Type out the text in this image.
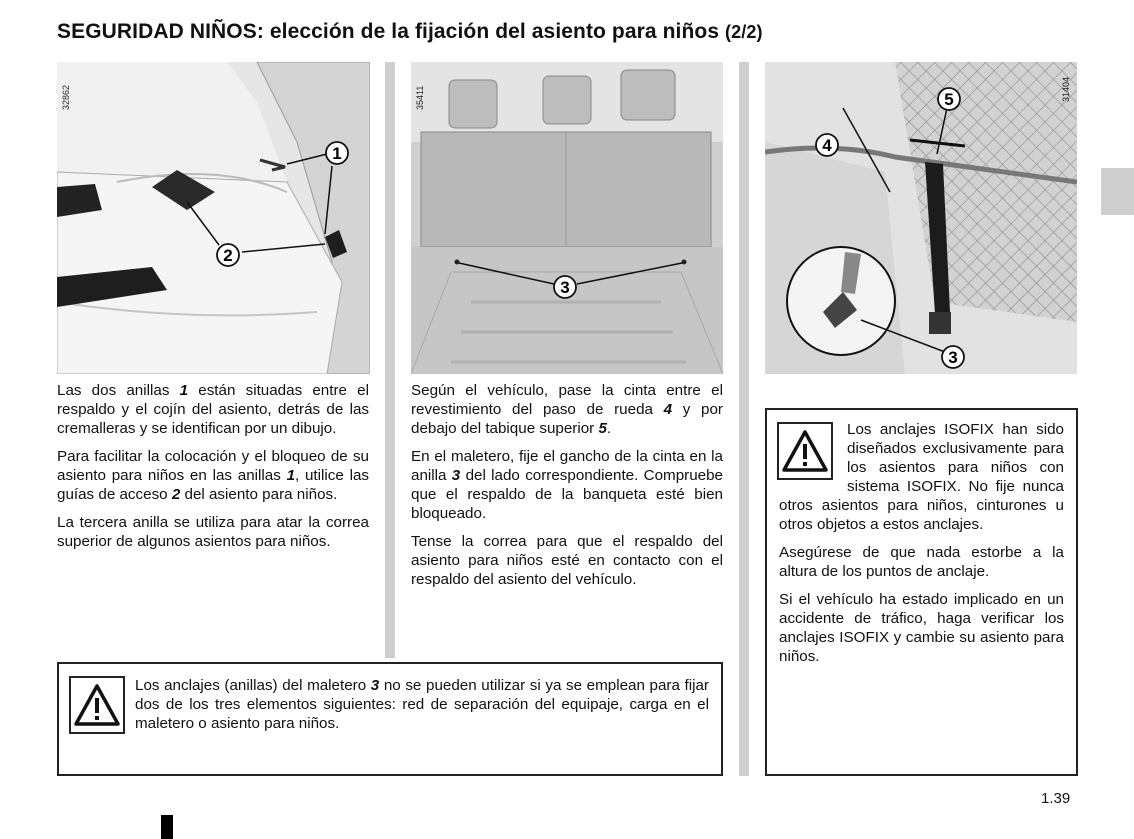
SEGURIDAD NIÑOS: elección de la fijación del asiento para niños (2/2)
1
2
32862
3
35411	5
4
3
31404

Las dos anillas 1 están situadas entre el respaldo y el cojín del asiento, detrás de las cremalleras y se identifican por un dibujo.

Para facilitar la colocación y el bloqueo de su asiento para niños en las anillas 1, utilice las guías de acceso 2 del asiento para niños.

La tercera anilla se utiliza para atar la correa superior de algunos asientos para niños.

Según el vehículo, pase la cinta entre el revestimiento del paso de rueda 4 y por debajo del tabique superior 5.

En el maletero, fije el gancho de la cinta en la anilla 3 del lado correspondiente. Compruebe que el respaldo de la banqueta esté bien bloqueado.

Tense la correa para que el respaldo del asiento para niños esté en contacto con el respaldo del asiento del vehículo.

Los anclajes (anillas) del maletero 3 no se pueden utilizar si ya se emplean para fijar dos de los tres elementos siguientes: red de separación del equipaje, carga en el maletero o asiento para niños.

Los anclajes ISOFIX han sido diseñados exclusivamente para los asientos para niños con sistema ISOFIX. No fije nunca otros asientos para niños, cinturones u otros objetos a estos anclajes.

Asegúrese de que nada estorbe a la altura de los puntos de anclaje.

Si el vehículo ha estado implicado en un accidente de tráfico, haga verificar los anclajes ISOFIX y cambie su asiento para niños.

1.39
